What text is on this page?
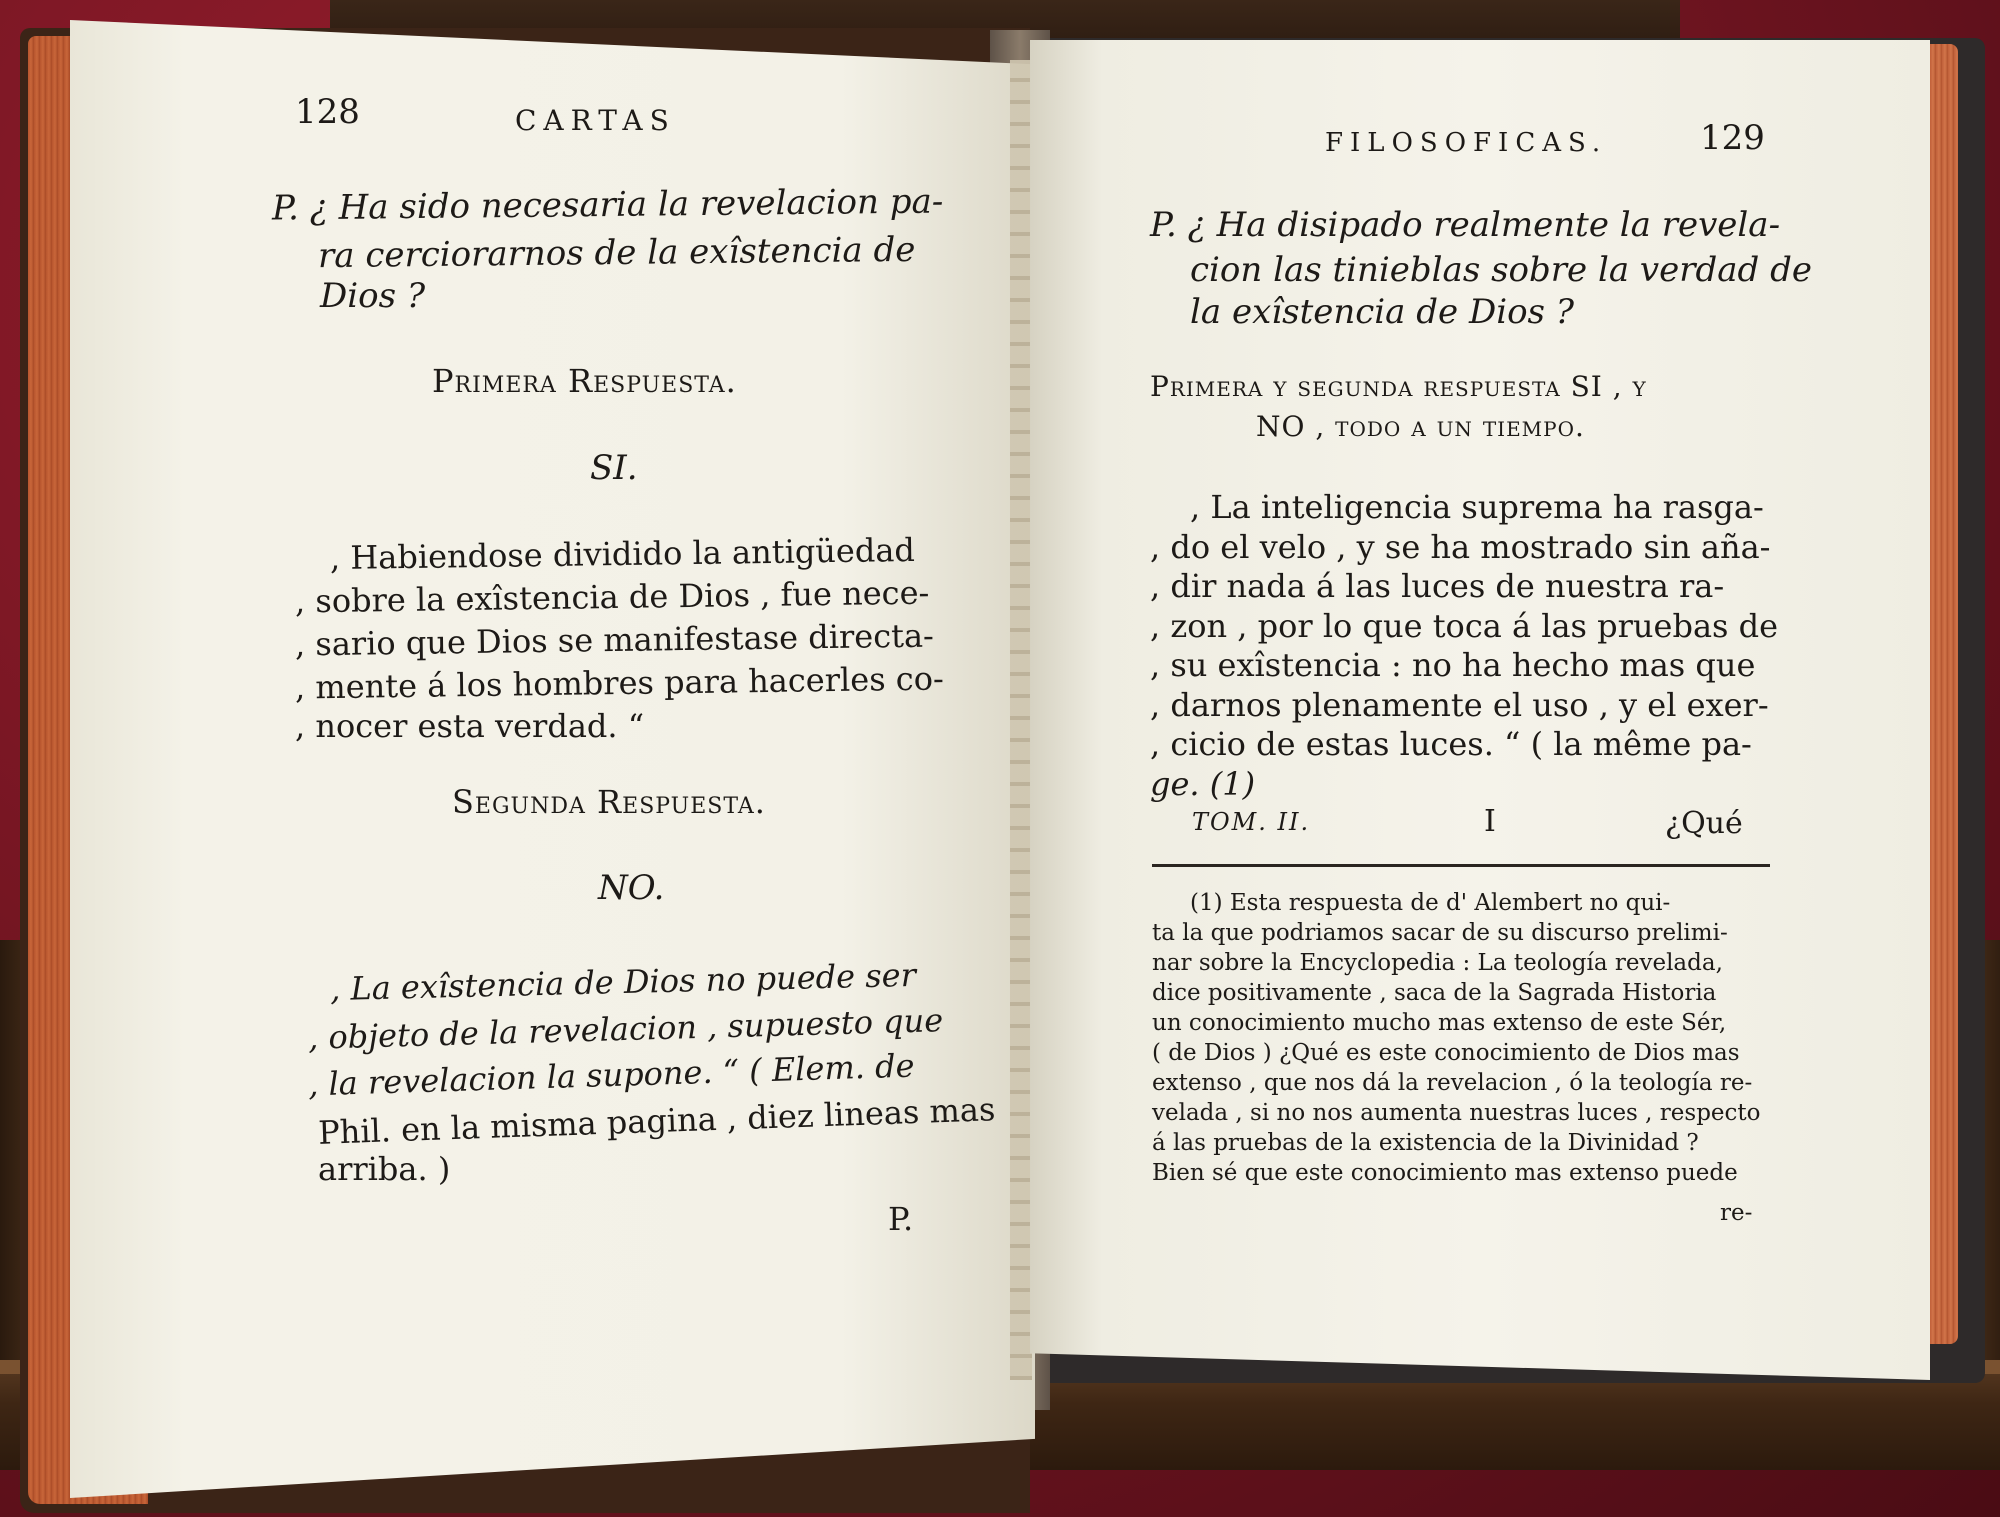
128	CARTAS
P. ¿ Ha sido necesaria la revelacion pa-
ra cerciorarnos de la exîstencia de
Dios ?
Primera Respuesta.
SI.
, Habiendose dividido la antigüedad
, sobre la exîstencia de Dios , fue nece-
, sario que Dios se manifestase directa-
, mente á los hombres para hacerles co-
, nocer esta verdad. “
Segunda Respuesta.
NO.
, La exîstencia de Dios no puede ser
, objeto de la revelacion , supuesto que
, la revelacion la supone. “ ( Elem. de
Phil. en la misma pagina , diez lineas mas
arriba. )
P.
FILOSOFICAS.	129
P. ¿ Ha disipado realmente la revela-
cion las tinieblas sobre la verdad de
la exîstencia de Dios ?
Primera y segunda respuesta SI , y
NO , todo a un tiempo.
, La inteligencia suprema ha rasga-
, do el velo , y se ha mostrado sin aña-
, dir nada á las luces de nuestra ra-
, zon , por lo que toca á las pruebas de
, su exîstencia : no ha hecho mas que
, darnos plenamente el uso , y el exer-
, cicio de estas luces. “ ( la même pa-
ge. (1)
TOM. II.	I	¿Qué
(1) Esta respuesta de d' Alembert no qui-
ta la que podriamos sacar de su discurso prelimi-
nar sobre la Encyclopedia : La teología revelada,
dice positivamente , saca de la Sagrada Historia
un conocimiento mucho mas extenso de este Sér,
( de Dios ) ¿Qué es este conocimiento de Dios mas
extenso , que nos dá la revelacion , ó la teología re-
velada , si no nos aumenta nuestras luces , respecto
á las pruebas de la existencia de la Divinidad ?
Bien sé que este conocimiento mas extenso puede
re-
